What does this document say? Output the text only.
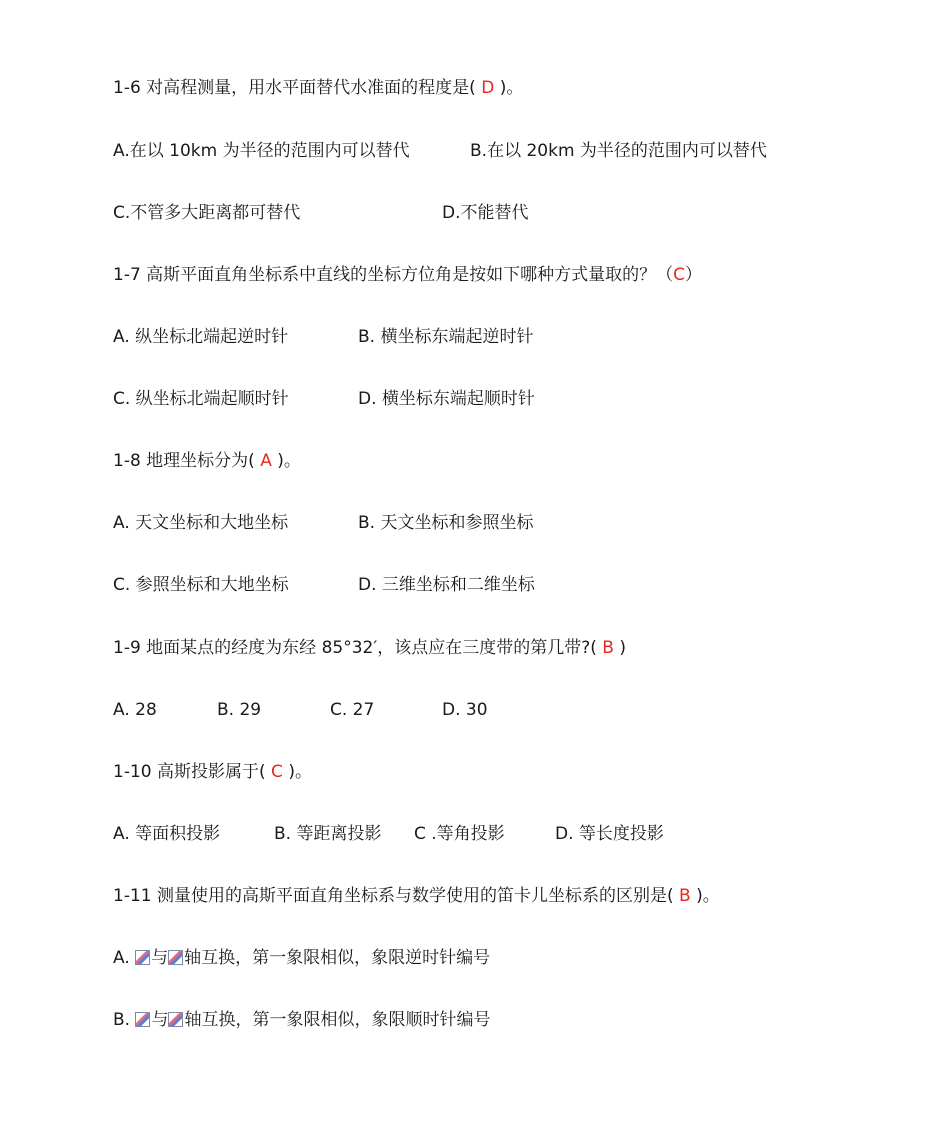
1-6 对高程测量，用水平面替代水准面的程度是( D )。
A.在以 10km 为半径的范围内可以替代	B.在以 20km 为半径的范围内可以替代
C.不管多大距离都可替代	D.不能替代
1-7 高斯平面直角坐标系中直线的坐标方位角是按如下哪种方式量取的？（C）
A. 纵坐标北端起逆时针	B. 横坐标东端起逆时针
C. 纵坐标北端起顺时针	D. 横坐标东端起顺时针
1-8 地理坐标分为( A )。
A. 天文坐标和大地坐标	B. 天文坐标和参照坐标
C. 参照坐标和大地坐标	D. 三维坐标和二维坐标
1-9 地面某点的经度为东经 85°32′，该点应在三度带的第几带?( B )
A. 28	B. 29	C. 27	D. 30
1-10 高斯投影属于( C )。
A. 等面积投影	B. 等距离投影 C .等角投影	D. 等长度投影
1-11 测量使用的高斯平面直角坐标系与数学使用的笛卡儿坐标系的区别是( B )。
A. 与 轴互换，第一象限相似，象限逆时针编号
B. 与 轴互换，第一象限相似，象限顺时针编号
